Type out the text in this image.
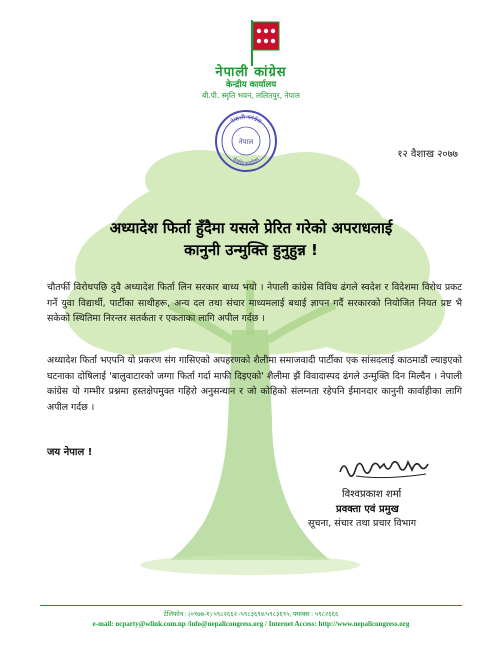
नेपाली कांग्रेस
केन्द्रीय कार्यालय
बी.पी. स्मृति भवन, ललितपुर, नेपाल
नेपाल
नेपाली कांग्रेस
केन्द्रीय कार्यालय	१२ वैशाख २०७७
अध्यादेश फिर्ता हुँदैमा यसले प्रेरित गरेको अपराधलाई
कानुनी उन्मुक्ति हुनुहुन्न !
चौतर्फी विरोधपछि दुवै अध्यादेश फिर्ता लिन सरकार बाध्य भयो । नेपाली कांग्रेस विविध ढंगले स्वदेश र विदेशमा विरोध प्रकट गर्ने युवा विद्यार्थी, पार्टीका साथीहरू, अन्य दल तथा संचार माध्यमलाई बधाई ज्ञापन गर्दै सरकारको नियोजित नियत प्रष्ट भै सकेको स्थितिमा निरन्तर सतर्कता र एकताका लागि अपील गर्दछ ।
अध्यादेश फिर्ता भएपनि यो प्रकरण संग गासिएको अपहरणको शैलीमा समाजवादी पार्टीका एक सांसदलाई काठमाडौं ल्याइएको घटनाका दोषिलाई 'बालुवाटारको जग्गा फिर्ता गर्दा माफी दिइएको' शैलीमा झैं विवादास्पद ढंगले उन्मुक्ति दिन मिल्दैन । नेपाली कांग्रेस यो गम्भीर प्रश्नमा हस्तक्षेपमुक्त गहिरो अनुसन्धान र जो कोहिको संलग्नता रहेपनि ईमानदार कानुनी कार्वाहीका लागि अपील गर्दछ ।
जय नेपाल !
विश्वप्रकाश शर्मा
प्रवक्ता एवं प्रमुख
सूचना, संचार तथा प्रचार विभाग
टेलिफोन : (०९७७-१) ५९८२६६२ /५९८३६९४/५९८३६९५, फ्याक्स : ५९८२६६६
e-mail: ncparty@wlink.com.np /info@nepalicongress.org / Internet Access: http://www.nepalicongress.org
